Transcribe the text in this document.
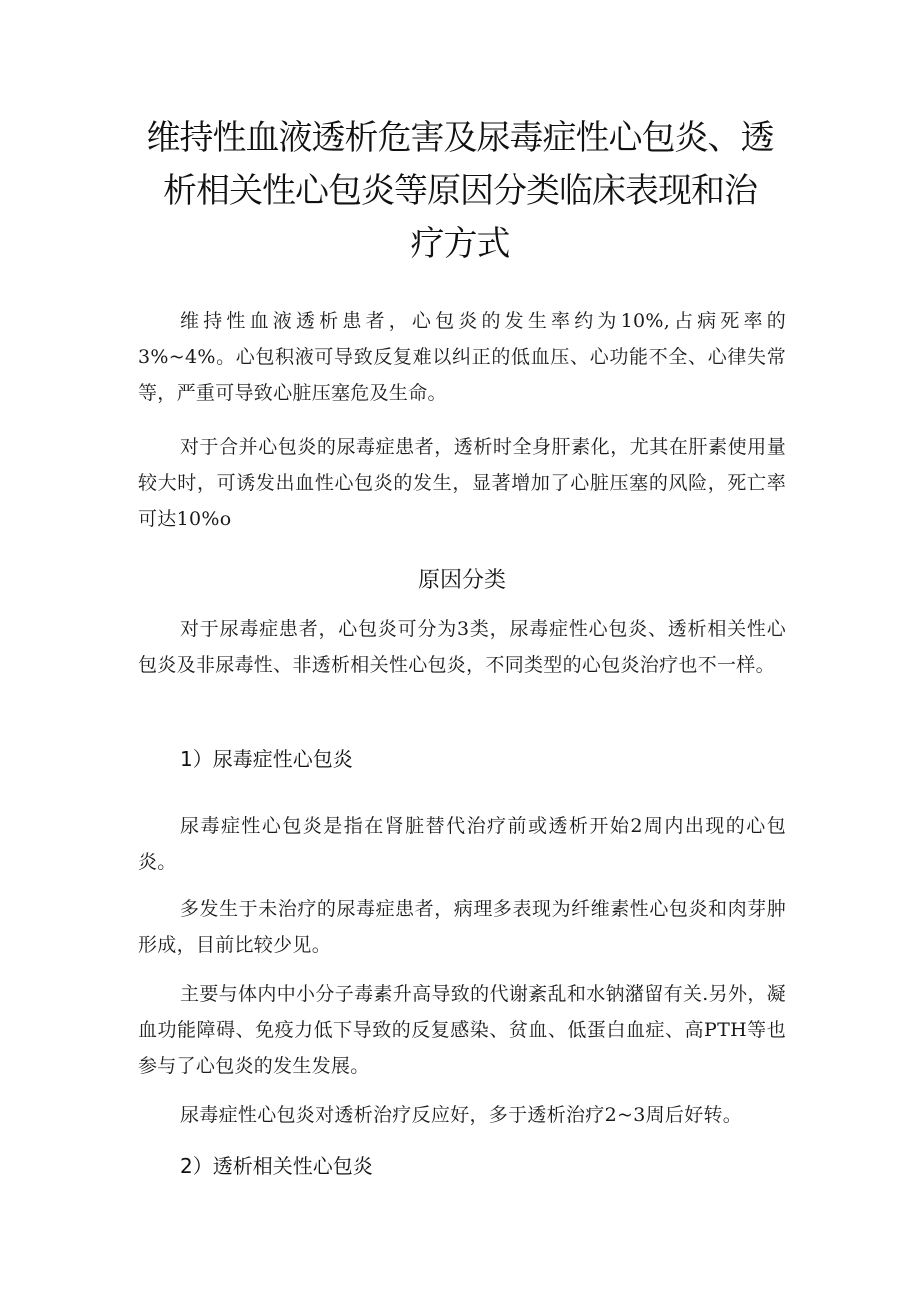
维持性血液透析危害及尿毒症性心包炎、透
析相关性心包炎等原因分类临床表现和治
疗方式

维持性血液透析患者，心包炎的发生率约为10%,占病死率的3%~4%。心包积液可导致反复难以纠正的低血压、心功能不全、心律失常等，严重可导致心脏压塞危及生命。

对于合并心包炎的尿毒症患者，透析时全身肝素化，尤其在肝素使用量较大时，可诱发出血性心包炎的发生，显著增加了心脏压塞的风险，死亡率可达10%o

原因分类

对于尿毒症患者，心包炎可分为3类，尿毒症性心包炎、透析相关性心包炎及非尿毒性、非透析相关性心包炎，不同类型的心包炎治疗也不一样。

1）尿毒症性心包炎

尿毒症性心包炎是指在肾脏替代治疗前或透析开始2周内出现的心包炎。

多发生于未治疗的尿毒症患者，病理多表现为纤维素性心包炎和肉芽肿形成，目前比较少见。

主要与体内中小分子毒素升高导致的代谢紊乱和水钠潴留有关.另外，凝血功能障碍、免疫力低下导致的反复感染、贫血、低蛋白血症、高PTH等也参与了心包炎的发生发展。

尿毒症性心包炎对透析治疗反应好，多于透析治疗2~3周后好转。

2）透析相关性心包炎
